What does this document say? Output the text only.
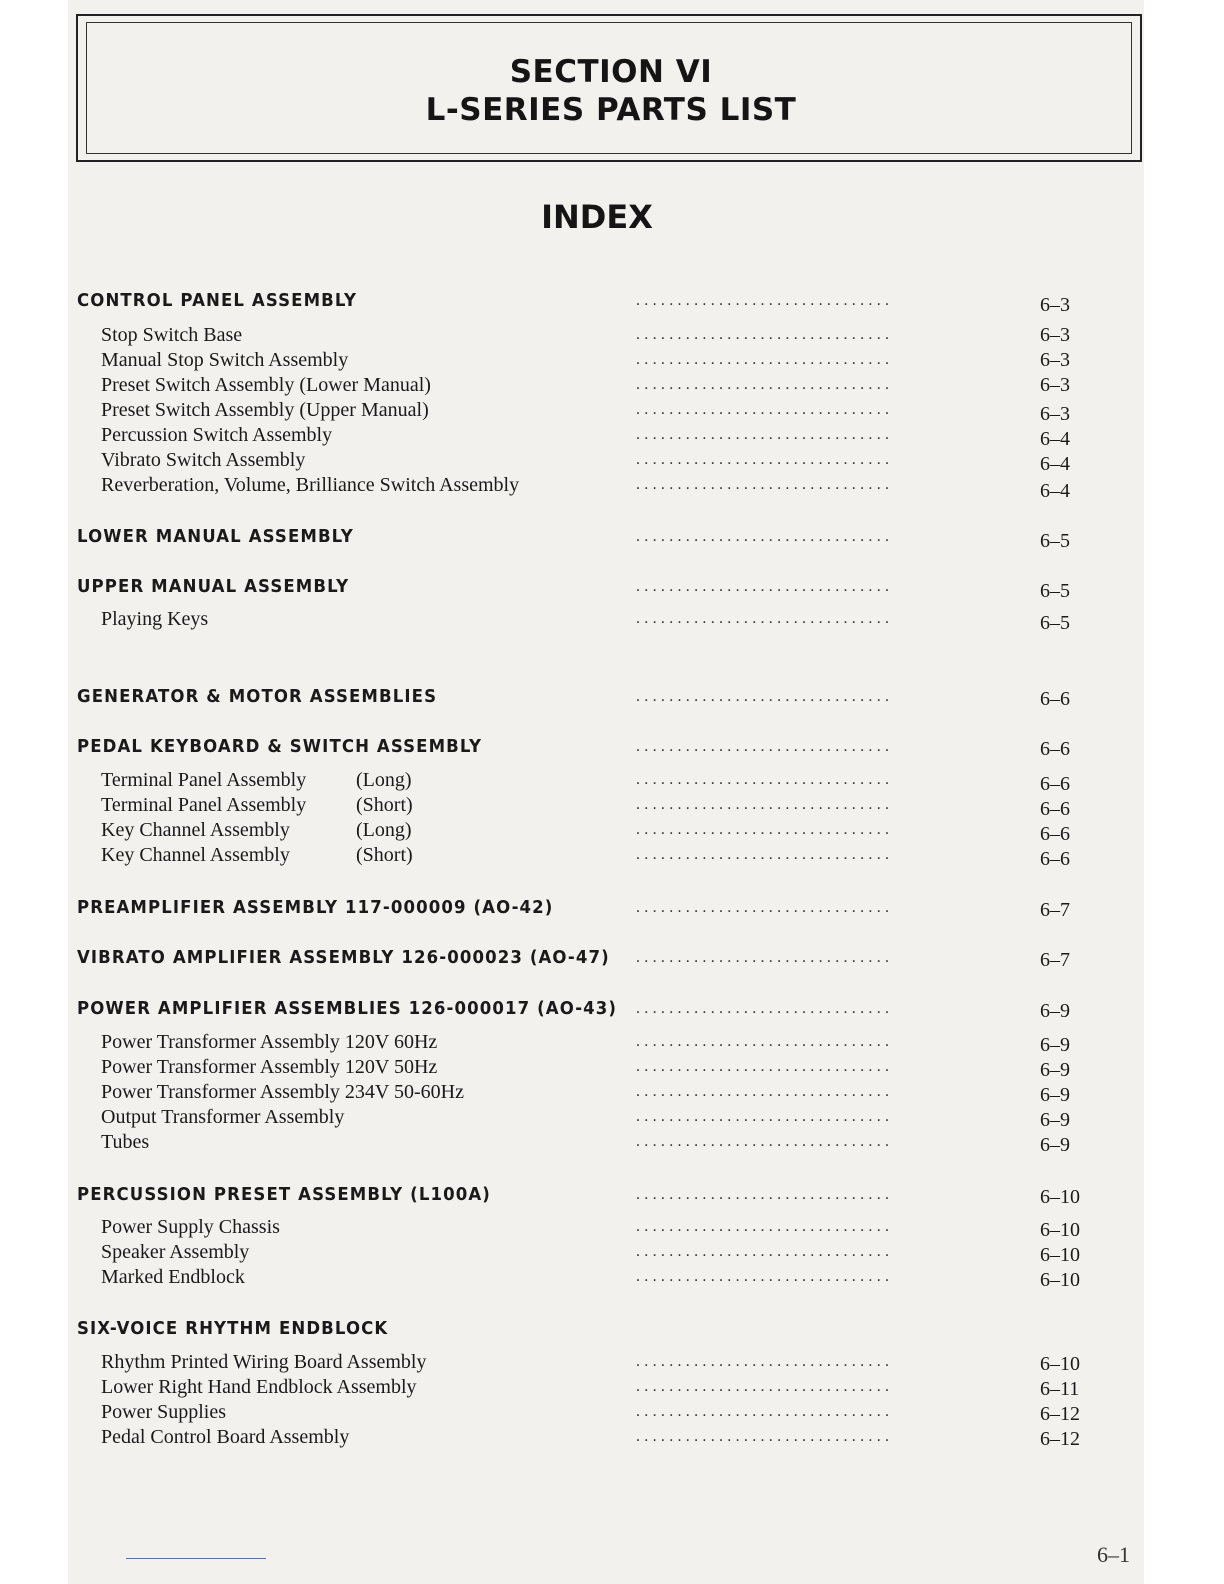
SECTION VI
L-SERIES PARTS LIST
INDEX
CONTROL PANEL ASSEMBLY	...............................	6–3
Stop Switch Base	...............................	6–3
Manual Stop Switch Assembly	...............................	6–3
Preset Switch Assembly (Lower Manual)	...............................	6–3
Preset Switch Assembly (Upper Manual)	...............................	6–3
Percussion Switch Assembly	...............................	6–4
Vibrato Switch Assembly	...............................	6–4
Reverberation, Volume, Brilliance Switch Assembly	...............................	6–4
LOWER MANUAL ASSEMBLY	...............................	6–5
UPPER MANUAL ASSEMBLY	...............................	6–5
Playing Keys	...............................	6–5
GENERATOR & MOTOR ASSEMBLIES	...............................	6–6
PEDAL KEYBOARD & SWITCH ASSEMBLY	...............................	6–6
Terminal Panel Assembly (Long)	...............................	6–6
Terminal Panel Assembly (Short)	...............................	6–6
Key Channel Assembly	(Long)	...............................	6–6
Key Channel Assembly	(Short)	...............................	6–6
PREAMPLIFIER ASSEMBLY 117-000009 (AO-42)	...............................	6–7
VIBRATO AMPLIFIER ASSEMBLY 126-000023 (AO-47) ...............................	6–7
POWER AMPLIFIER ASSEMBLIES 126-000017 (AO-43) ...............................	6–9
Power Transformer Assembly 120V 60Hz	...............................	6–9
Power Transformer Assembly 120V 50Hz	...............................	6–9
Power Transformer Assembly 234V 50-60Hz	...............................	6–9
Output Transformer Assembly	...............................	6–9
Tubes	...............................	6–9
PERCUSSION PRESET ASSEMBLY (L100A)	...............................	6–10
Power Supply Chassis	...............................	6–10
Speaker Assembly	...............................	6–10
Marked Endblock	...............................	6–10
SIX-VOICE RHYTHM ENDBLOCK
Rhythm Printed Wiring Board Assembly	...............................	6–10
Lower Right Hand Endblock Assembly	...............................	6–11
Power Supplies	...............................	6–12
Pedal Control Board Assembly	...............................	6–12
6–1
